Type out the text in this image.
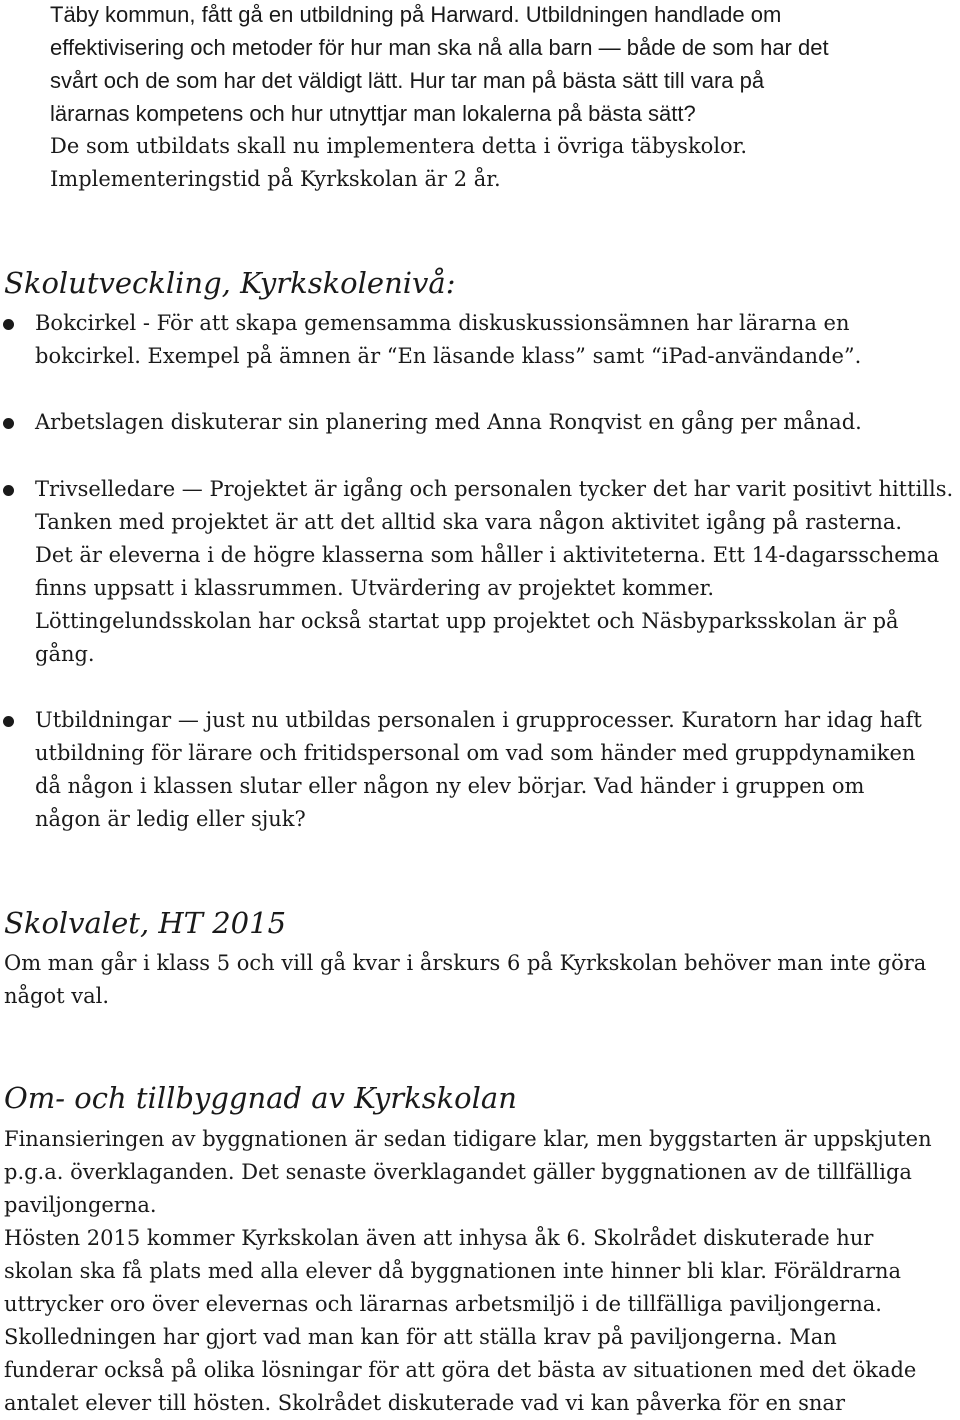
Täby kommun, fått gå en utbildning på Harward. Utbildningen handlade om
effektivisering och metoder för hur man ska nå alla barn — både de som har det
svårt och de som har det väldigt lätt. Hur tar man på bästa sätt till vara på
lärarnas kompetens och hur utnyttjar man lokalerna på bästa sätt?
De som utbildats skall nu implementera detta i övriga täbyskolor.
Implementeringstid på Kyrkskolan är 2 år.
Skolutveckling, Kyrkskolenivå:
Bokcirkel - För att skapa gemensamma diskuskussionsämnen har lärarna en
bokcirkel. Exempel på ämnen är “En läsande klass” samt “iPad-användande”.
Arbetslagen diskuterar sin planering med Anna Ronqvist en gång per månad.
Trivselledare — Projektet är igång och personalen tycker det har varit positivt hittills.
Tanken med projektet är att det alltid ska vara någon aktivitet igång på rasterna.
Det är eleverna i de högre klasserna som håller i aktiviteterna. Ett 14-dagarsschema
finns uppsatt i klassrummen. Utvärdering av projektet kommer.
Löttingelundsskolan har också startat upp projektet och Näsbyparksskolan är på
gång.
Utbildningar — just nu utbildas personalen i grupprocesser. Kuratorn har idag haft
utbildning för lärare och fritidspersonal om vad som händer med gruppdynamiken
då någon i klassen slutar eller någon ny elev börjar. Vad händer i gruppen om
någon är ledig eller sjuk?
Skolvalet, HT 2015
Om man går i klass 5 och vill gå kvar i årskurs 6 på Kyrkskolan behöver man inte göra
något val.
Om- och tillbyggnad av Kyrkskolan
Finansieringen av byggnationen är sedan tidigare klar, men byggstarten är uppskjuten
p.g.a. överklaganden. Det senaste överklagandet gäller byggnationen av de tillfälliga
paviljongerna.
Hösten 2015 kommer Kyrkskolan även att inhysa åk 6. Skolrådet diskuterade hur
skolan ska få plats med alla elever då byggnationen inte hinner bli klar. Föräldrarna
uttrycker oro över elevernas och lärarnas arbetsmiljö i de tillfälliga paviljongerna.
Skolledningen har gjort vad man kan för att ställa krav på paviljongerna. Man
funderar också på olika lösningar för att göra det bästa av situationen med det ökade
antalet elever till hösten. Skolrådet diskuterade vad vi kan påverka för en snar
